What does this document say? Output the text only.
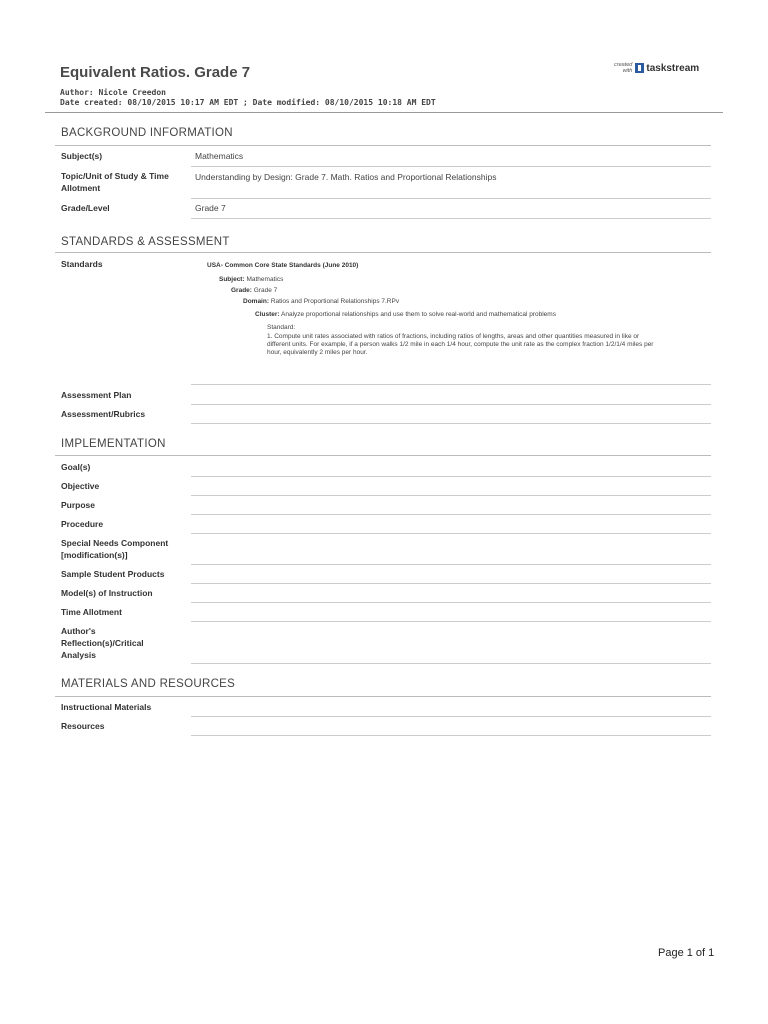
Equivalent Ratios. Grade 7
Author: Nicole Creedon
Date created: 08/10/2015 10:17 AM EDT ; Date modified: 08/10/2015 10:18 AM EDT
created
with taskstream
BACKGROUND INFORMATION
Subject(s)	Mathematics
Topic/Unit of Study & Time Allotment
Understanding by Design: Grade 7. Math. Ratios and Proportional Relationships
Grade/Level	Grade 7
STANDARDS & ASSESSMENT
Standards	USA- Common Core State Standards (June 2010)
Subject: Mathematics
Grade: Grade 7
Domain: Ratios and Proportional Relationships 7.RPv
Cluster: Analyze proportional relationships and use them to solve real-world and mathematical problems
Standard:
1. Compute unit rates associated with ratios of fractions, including ratios of lengths, areas and other quantities measured in like or
different units. For example, if a person walks 1/2 mile in each 1/4 hour, compute the unit rate as the complex fraction 1/2/1/4 miles per
hour, equivalently 2 miles per hour.
Assessment Plan
Assessment/Rubrics
IMPLEMENTATION
Goal(s)
Objective
Purpose
Procedure
Special Needs Component [modification(s)]
Sample Student Products
Model(s) of Instruction
Time Allotment
Author's Reflection(s)/Critical Analysis
MATERIALS AND RESOURCES
Instructional Materials
Resources
Page 1 of 1
